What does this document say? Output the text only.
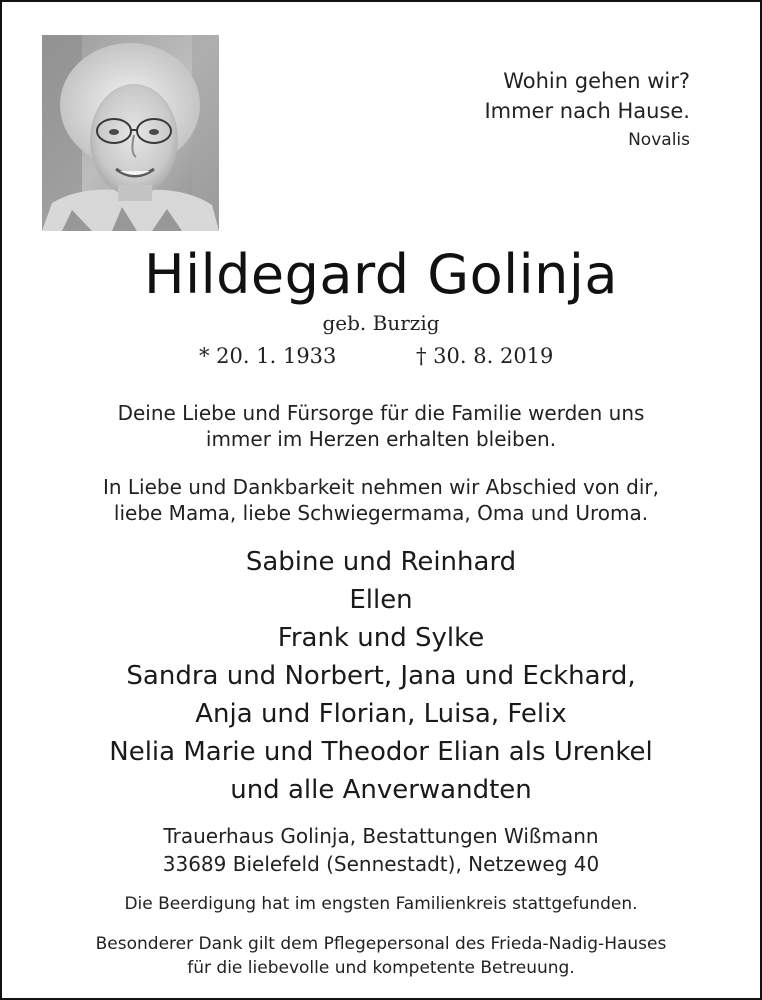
Wohin gehen wir?
Immer nach Hause.
Novalis
Hildegard Golinja
geb. Burzig
* 20. 1. 1933	† 30. 8. 2019
Deine Liebe und Fürsorge für die Familie werden uns
immer im Herzen erhalten bleiben.
In Liebe und Dankbarkeit nehmen wir Abschied von dir,
liebe Mama, liebe Schwiegermama, Oma und Uroma.
Sabine und Reinhard
Ellen
Frank und Sylke
Sandra und Norbert, Jana und Eckhard,
Anja und Florian, Luisa, Felix
Nelia Marie und Theodor Elian als Urenkel
und alle Anverwandten
Trauerhaus Golinja, Bestattungen Wißmann
33689 Bielefeld (Sennestadt), Netzeweg 40
Die Beerdigung hat im engsten Familienkreis stattgefunden.
Besonderer Dank gilt dem Pflegepersonal des Frieda-Nadig-Hauses
für die liebevolle und kompetente Betreuung.
